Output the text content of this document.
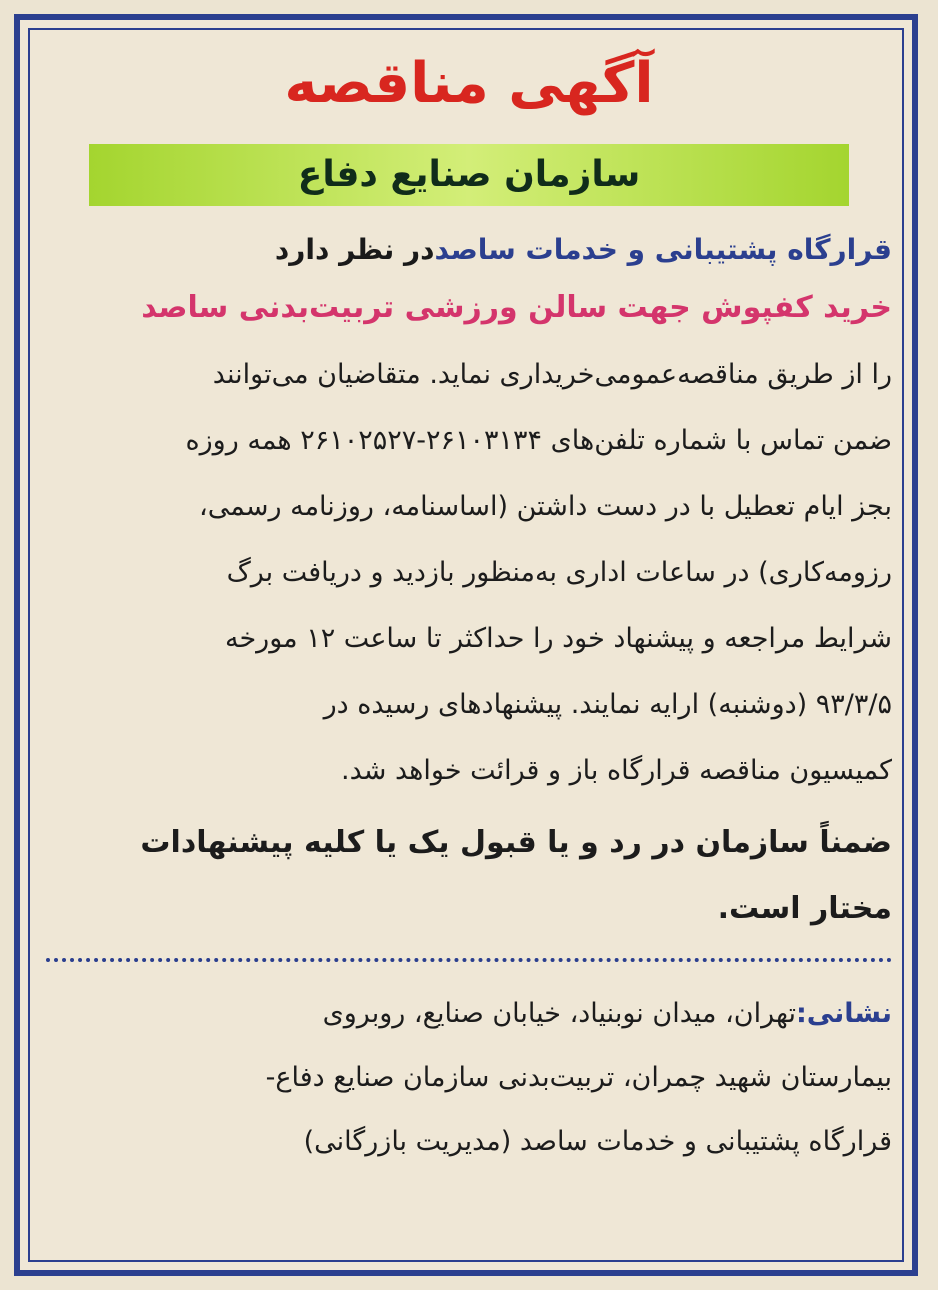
آگهی مناقصه
سازمان صنایع دفاع

قرارگاه پشتیبانی و خدمات ساصددر نظر دارد

خرید کفپوش جهت سالن ورزشی تربیت‌بدنی ساصد

را از طریق مناقصه‌عمومی‌خریداری نماید. متقاضیان می‌توانند

ضمن تماس با شماره تلفن‌های ۲۶۱۰۳۱۳۴-۲۶۱۰۲۵۲۷ همه روزه

بجز ایام تعطیل با در دست داشتن (اساسنامه، روزنامه رسمی،

رزومه‌کاری) در ساعات اداری به‌منظور بازدید و دریافت برگ

شرایط مراجعه و پیشنهاد خود را حداکثر تا ساعت ۱۲ مورخه

۹۳/۳/۵ (دوشنبه) ارایه نمایند. پیشنهادهای رسیده در

کمیسیون مناقصه قرارگاه باز و قرائت خواهد شد.

ضمناً سازمان در رد و یا قبول یک یا کلیه پیشنهادات

مختار است.

نشانی:تهران، میدان نوبنیاد، خیابان صنایع، روبروی

بیمارستان شهید چمران، تربیت‌بدنی سازمان صنایع دفاع-

قرارگاه پشتیبانی و خدمات ساصد (مدیریت بازرگانی)
